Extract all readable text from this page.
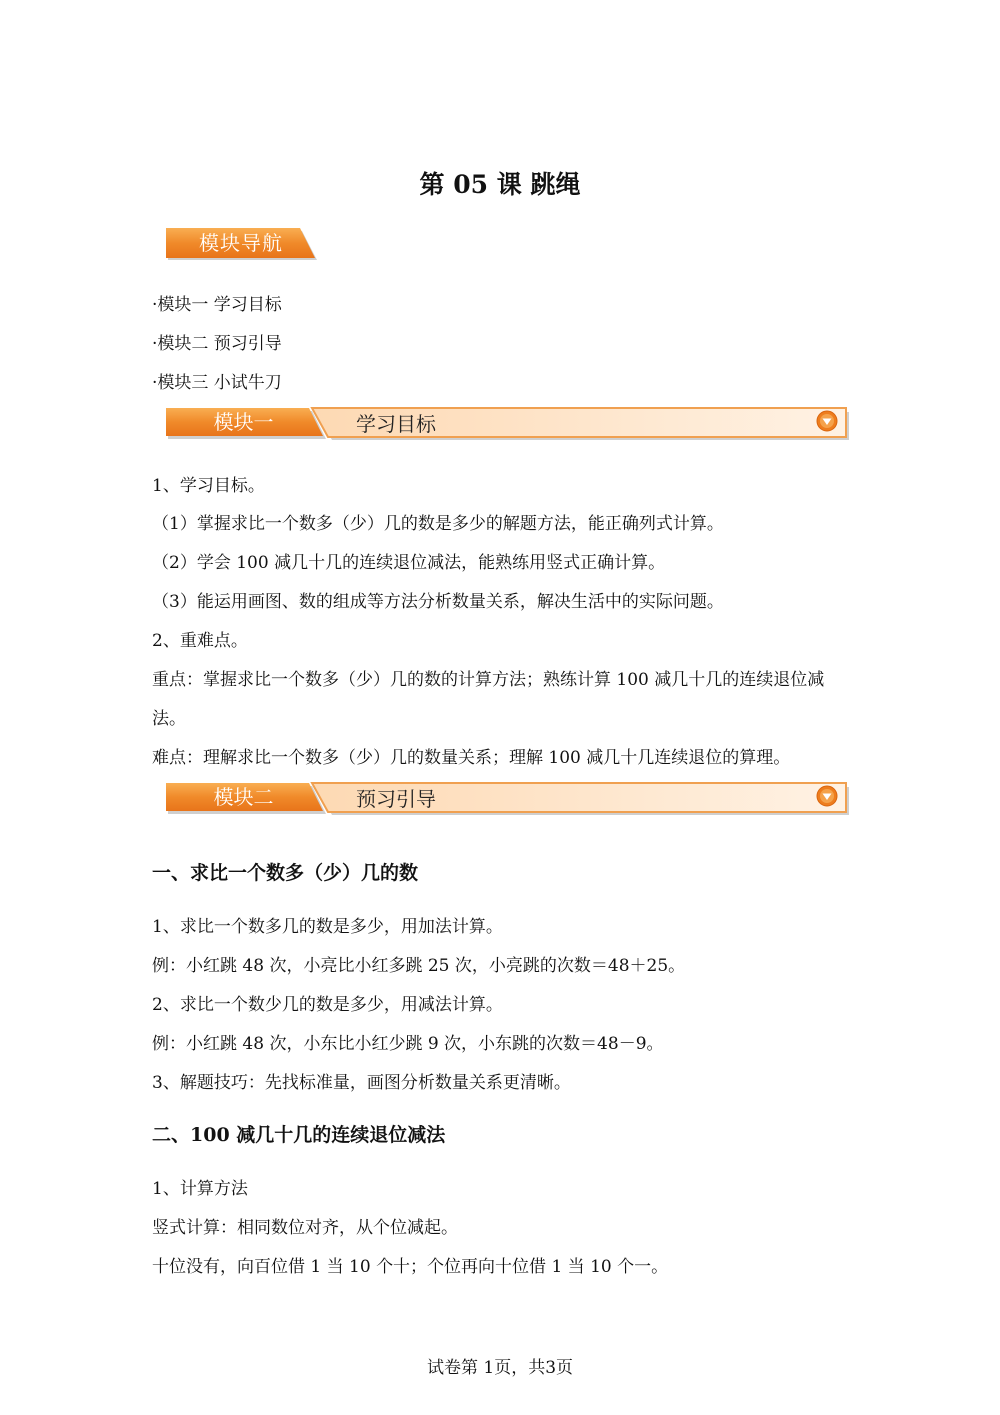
第 05 课 跳绳
模块导航
·模块一 学习目标
·模块二 预习引导
·模块三 小试牛刀
模块一	学习目标
1、学习目标。
（1）掌握求比一个数多（少）几的数是多少的解题方法，能正确列式计算。
（2）学会 100 减几十几的连续退位减法，能熟练用竖式正确计算。
（3）能运用画图、数的组成等方法分析数量关系，解决生活中的实际问题。
2、重难点。
重点：掌握求比一个数多（少）几的数的计算方法；熟练计算 100 减几十几的连续退位减
法。
难点：理解求比一个数多（少）几的数量关系；理解 100 减几十几连续退位的算理。
模块二	预习引导
一、求比一个数多（少）几的数
1、求比一个数多几的数是多少，用加法计算。
例：小红跳 48 次，小亮比小红多跳 25 次，小亮跳的次数＝48＋25。
2、求比一个数少几的数是多少，用减法计算。
例：小红跳 48 次，小东比小红少跳 9 次，小东跳的次数＝48－9。
3、解题技巧：先找标准量，画图分析数量关系更清晰。
二、100 减几十几的连续退位减法
1、计算方法
竖式计算：相同数位对齐，从个位减起。
十位没有，向百位借 1 当 10 个十；个位再向十位借 1 当 10 个一。
试卷第 1页，共3页
